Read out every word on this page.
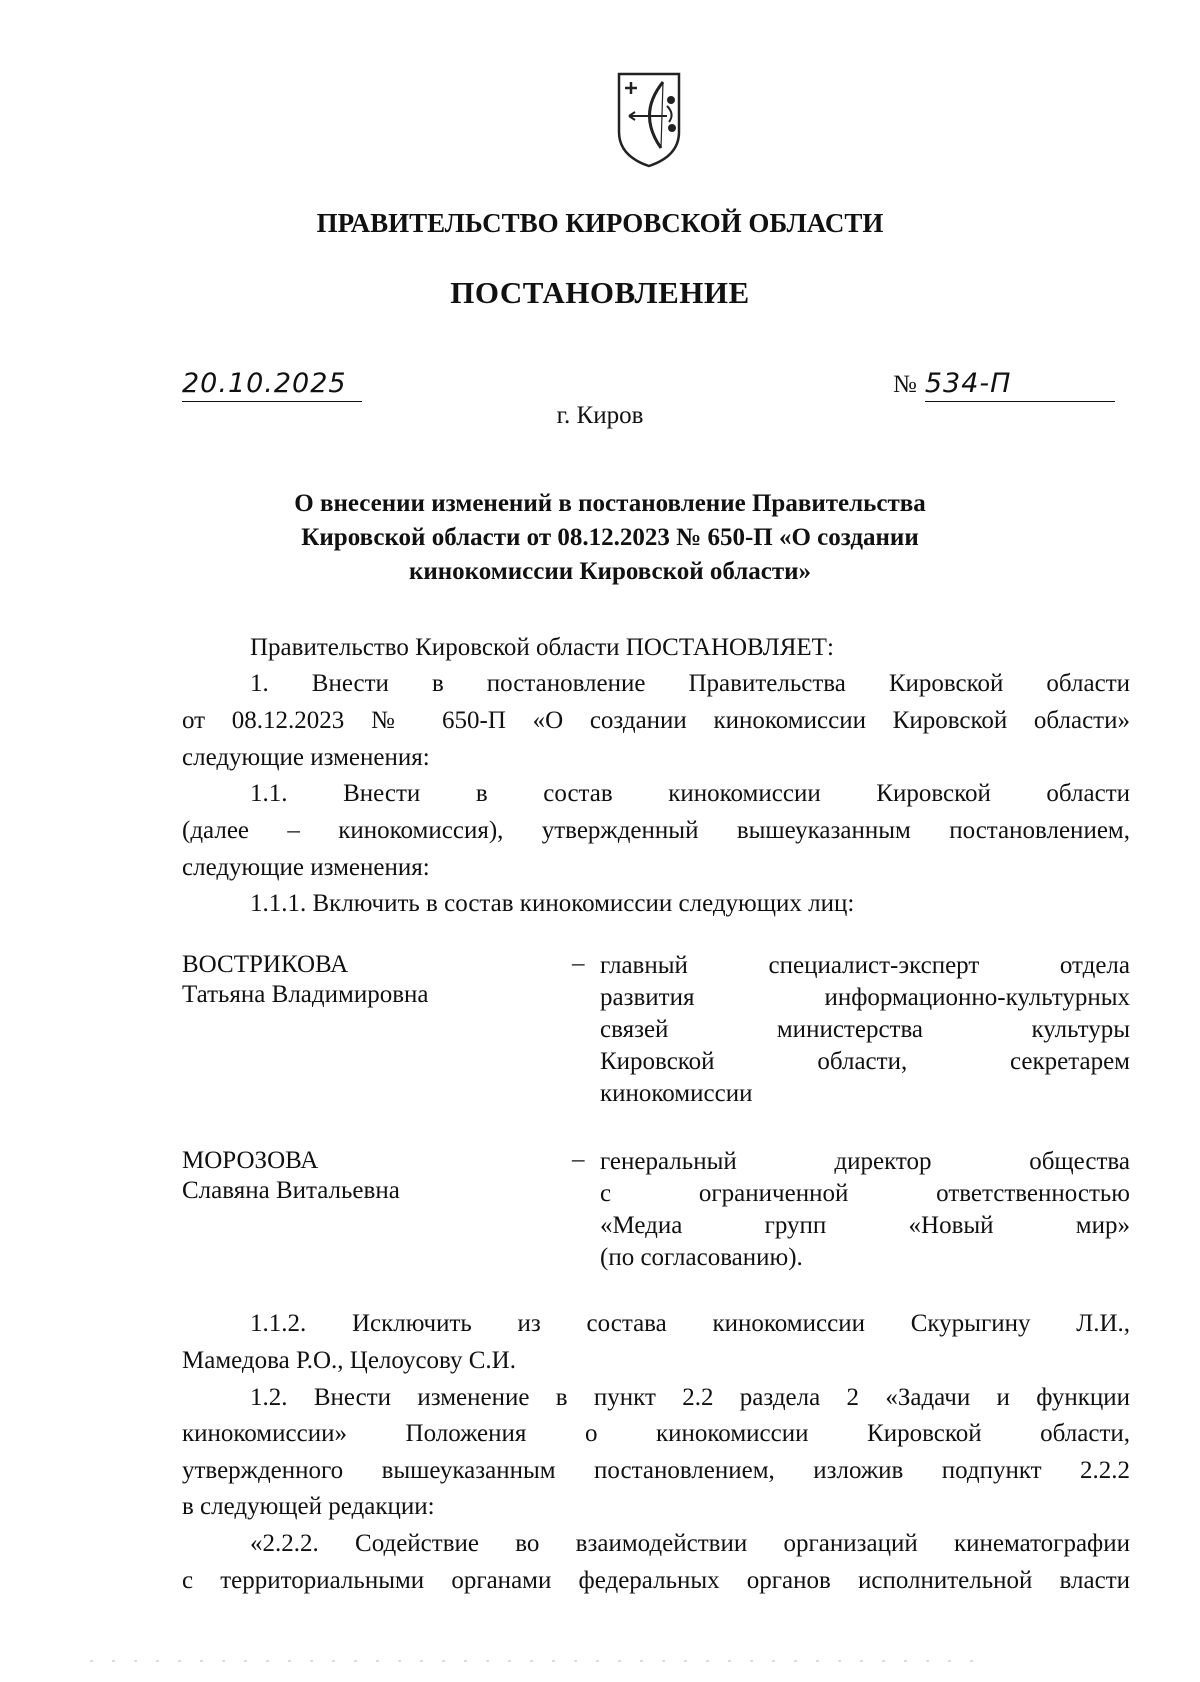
ПРАВИТЕЛЬСТВО КИРОВСКОЙ ОБЛАСТИ
ПОСТАНОВЛЕНИЕ
20.10.2025	№ 534-П
г. Киров
О внесении изменений в постановление Правительства
Кировской области от 08.12.2023 № 650-П «О создании
кинокомиссии Кировской области»
Правительство Кировской области ПОСТАНОВЛЯЕТ:
1. Внести в постановление Правительства Кировской области
от 08.12.2023 № 650-П «О создании кинокомиссии Кировской области»
следующие изменения:
1.1. Внести в состав кинокомиссии Кировской области
(далее – кинокомиссия), утвержденный вышеуказанным постановлением,
следующие изменения:
1.1.1. Включить в состав кинокомиссии следующих лиц:
ВОСТРИКОВА
Татьяна Владимировна
– главный специалист-эксперт отдела
развития информационно-культурных
связей министерства культуры
Кировской области, секретарем
кинокомиссии
МОРОЗОВА
Славяна Витальевна
– генеральный директор общества
с ограниченной ответственностью
«Медиа групп «Новый мир»
(по согласованию).
1.1.2. Исключить из состава кинокомиссии Скурыгину Л.И.,
Мамедова Р.О., Целоусову С.И.
1.2. Внести изменение в пункт 2.2 раздела 2 «Задачи и функции
кинокомиссии» Положения о кинокомиссии Кировской области,
утвержденного вышеуказанным постановлением, изложив подпункт 2.2.2
в следующей редакции:
«2.2.2. Содействие во взаимодействии организаций кинематографии
с территориальными органами федеральных органов исполнительной власти
